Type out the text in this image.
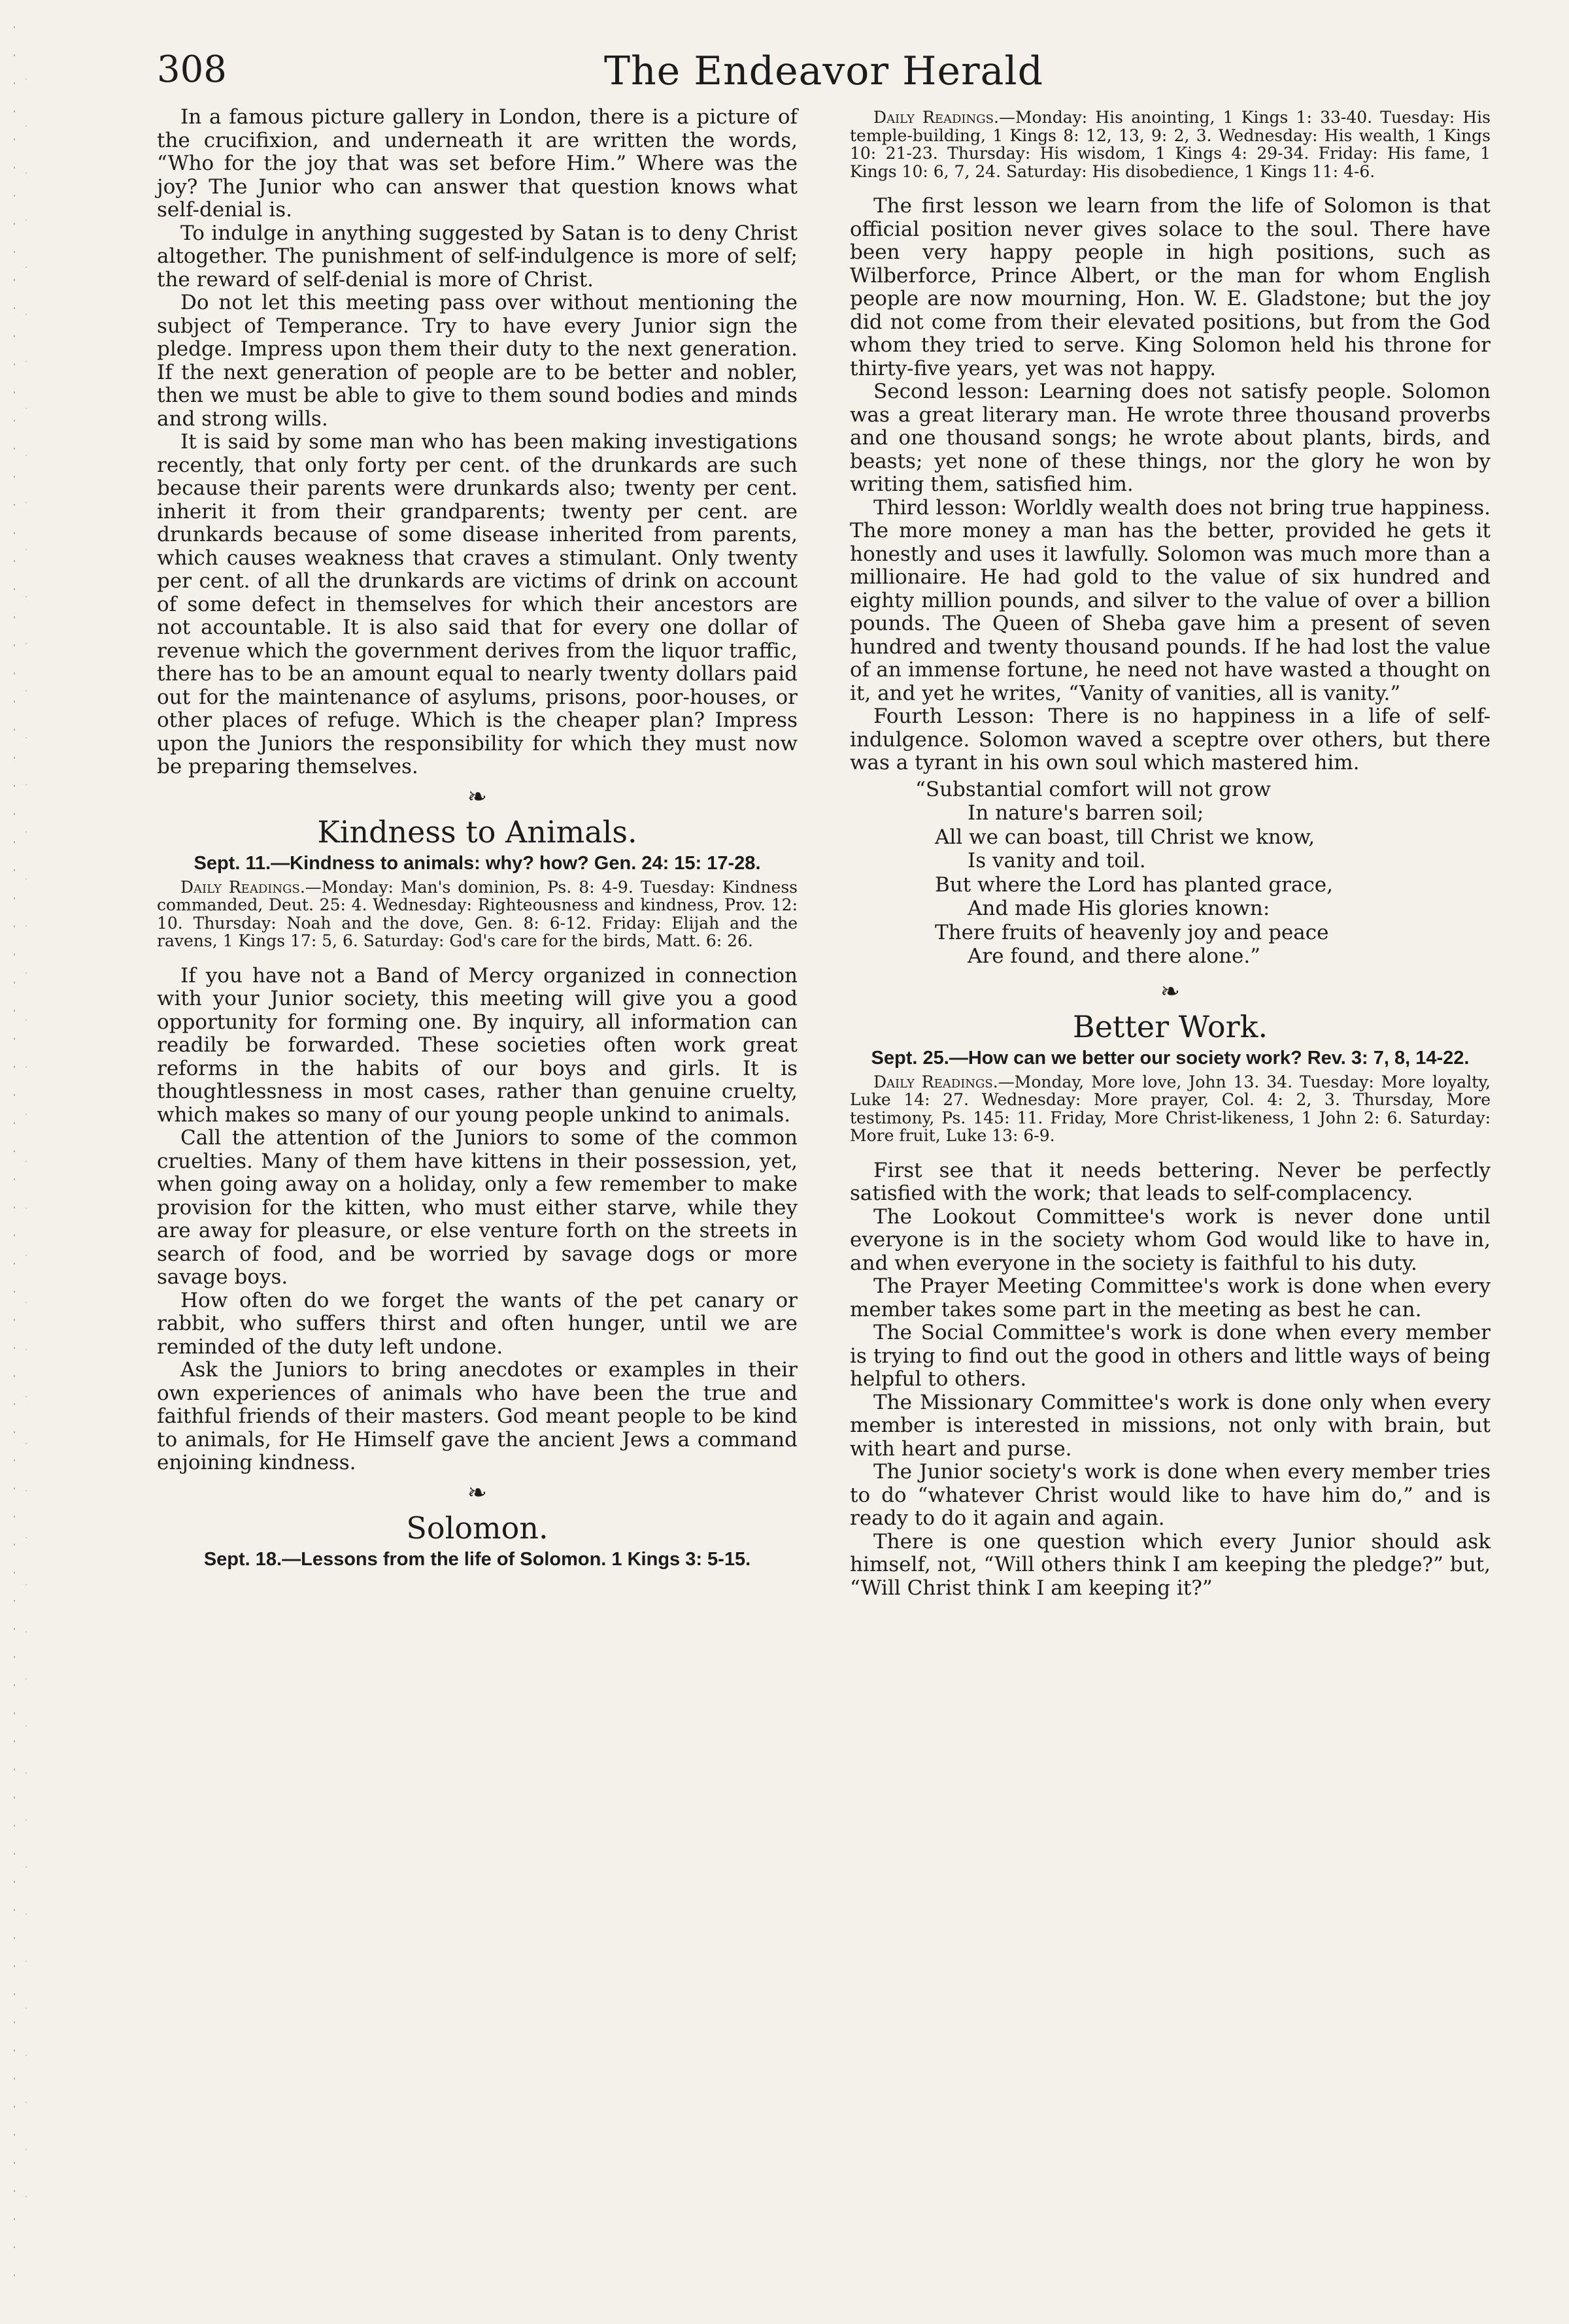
308	The Endeavor Herald

In a famous picture gallery in London, there is a picture of the crucifixion, and underneath it are written the words, “Who for the joy that was set before Him.” Where was the joy? The Junior who can answer that question knows what self-denial is.

To indulge in anything suggested by Satan is to deny Christ altogether. The punishment of self-indulgence is more of self; the reward of self-denial is more of Christ.

Do not let this meeting pass over without mentioning the subject of Temperance. Try to have every Junior sign the pledge. Impress upon them their duty to the next generation. If the next generation of people are to be better and nobler, then we must be able to give to them sound bodies and minds and strong wills.

It is said by some man who has been making investigations recently, that only forty per cent. of the drunkards are such because their parents were drunkards also; twenty per cent. inherit it from their grandparents; twenty per cent. are drunkards because of some disease inherited from parents, which causes weakness that craves a stimulant. Only twenty per cent. of all the drunkards are victims of drink on account of some defect in themselves for which their ancestors are not accountable. It is also said that for every one dollar of revenue which the government derives from the liquor traffic, there has to be an amount equal to nearly twenty dollars paid out for the maintenance of asylums, prisons, poor-houses, or other places of refuge. Which is the cheaper plan? Impress upon the Juniors the responsibility for which they must now be preparing themselves.

❧
Kindness to Animals.
Sept. 11.—Kindness to animals: why? how? Gen. 24: 15: 17-28.
Daily Readings.—Monday: Man's dominion, Ps. 8: 4-9. Tuesday: Kindness commanded, Deut. 25: 4. Wednesday: Righteousness and kindness, Prov. 12: 10. Thursday: Noah and the dove, Gen. 8: 6-12. Friday: Elijah and the ravens, 1 Kings 17: 5, 6. Saturday: God's care for the birds, Matt. 6: 26.

If you have not a Band of Mercy organized in connection with your Junior society, this meeting will give you a good opportunity for forming one. By inquiry, all information can readily be forwarded. These societies often work great reforms in the habits of our boys and girls. It is thoughtlessness in most cases, rather than genuine cruelty, which makes so many of our young people unkind to animals.

Call the attention of the Juniors to some of the common cruelties. Many of them have kittens in their possession, yet, when going away on a holiday, only a few remember to make provision for the kitten, who must either starve, while they are away for pleasure, or else venture forth on the streets in search of food, and be worried by savage dogs or more savage boys.

How often do we forget the wants of the pet canary or rabbit, who suffers thirst and often hunger, until we are reminded of the duty left undone.

Ask the Juniors to bring anecdotes or examples in their own experiences of animals who have been the true and faithful friends of their masters. God meant people to be kind to animals, for He Himself gave the ancient Jews a command enjoining kindness.

❧
Solomon.
Sept. 18.—Lessons from the life of Solomon. 1 Kings 3: 5-15.
Daily Readings.—Monday: His anointing, 1 Kings 1: 33-40. Tuesday: His temple-building, 1 Kings 8: 12, 13, 9: 2, 3. Wednesday: His wealth, 1 Kings 10: 21-23. Thursday: His wisdom, 1 Kings 4: 29-34. Friday: His fame, 1 Kings 10: 6, 7, 24. Saturday: His disobedience, 1 Kings 11: 4-6.

The first lesson we learn from the life of Solomon is that official position never gives solace to the soul. There have been very happy people in high positions, such as Wilberforce, Prince Albert, or the man for whom English people are now mourning, Hon. W. E. Gladstone; but the joy did not come from their elevated positions, but from the God whom they tried to serve. King Solomon held his throne for thirty-five years, yet was not happy.

Second lesson: Learning does not satisfy people. Solomon was a great literary man. He wrote three thousand proverbs and one thousand songs; he wrote about plants, birds, and beasts; yet none of these things, nor the glory he won by writing them, satisfied him.

Third lesson: Worldly wealth does not bring true happiness. The more money a man has the better, provided he gets it honestly and uses it lawfully. Solomon was much more than a millionaire. He had gold to the value of six hundred and eighty million pounds, and silver to the value of over a billion pounds. The Queen of Sheba gave him a present of seven hundred and twenty thousand pounds. If he had lost the value of an immense fortune, he need not have wasted a thought on it, and yet he writes, “Vanity of vanities, all is vanity.”

Fourth Lesson: There is no happiness in a life of self-indulgence. Solomon waved a sceptre over others, but there was a tyrant in his own soul which mastered him.

“Substantial comfort will not grow
In nature's barren soil;
All we can boast, till Christ we know,
Is vanity and toil.
But where the Lord has planted grace,
And made His glories known:
There fruits of heavenly joy and peace
Are found, and there alone.”
❧
Better Work.
Sept. 25.—How can we better our society work? Rev. 3: 7, 8, 14-22.
Daily Readings.—Monday, More love, John 13. 34. Tuesday: More loyalty, Luke 14: 27. Wednesday: More prayer, Col. 4: 2, 3. Thursday, More testimony, Ps. 145: 11. Friday, More Christ-likeness, 1 John 2: 6. Saturday: More fruit, Luke 13: 6-9.

First see that it needs bettering. Never be perfectly satisfied with the work; that leads to self-complacency.

The Lookout Committee's work is never done until everyone is in the society whom God would like to have in, and when everyone in the society is faithful to his duty.

The Prayer Meeting Committee's work is done when every member takes some part in the meeting as best he can.

The Social Committee's work is done when every member is trying to find out the good in others and little ways of being helpful to others.

The Missionary Committee's work is done only when every member is interested in missions, not only with brain, but with heart and purse.

The Junior society's work is done when every member tries to do “whatever Christ would like to have him do,” and is ready to do it again and again.

There is one question which every Junior should ask himself, not, “Will others think I am keeping the pledge?” but, “Will Christ think I am keeping it?”
